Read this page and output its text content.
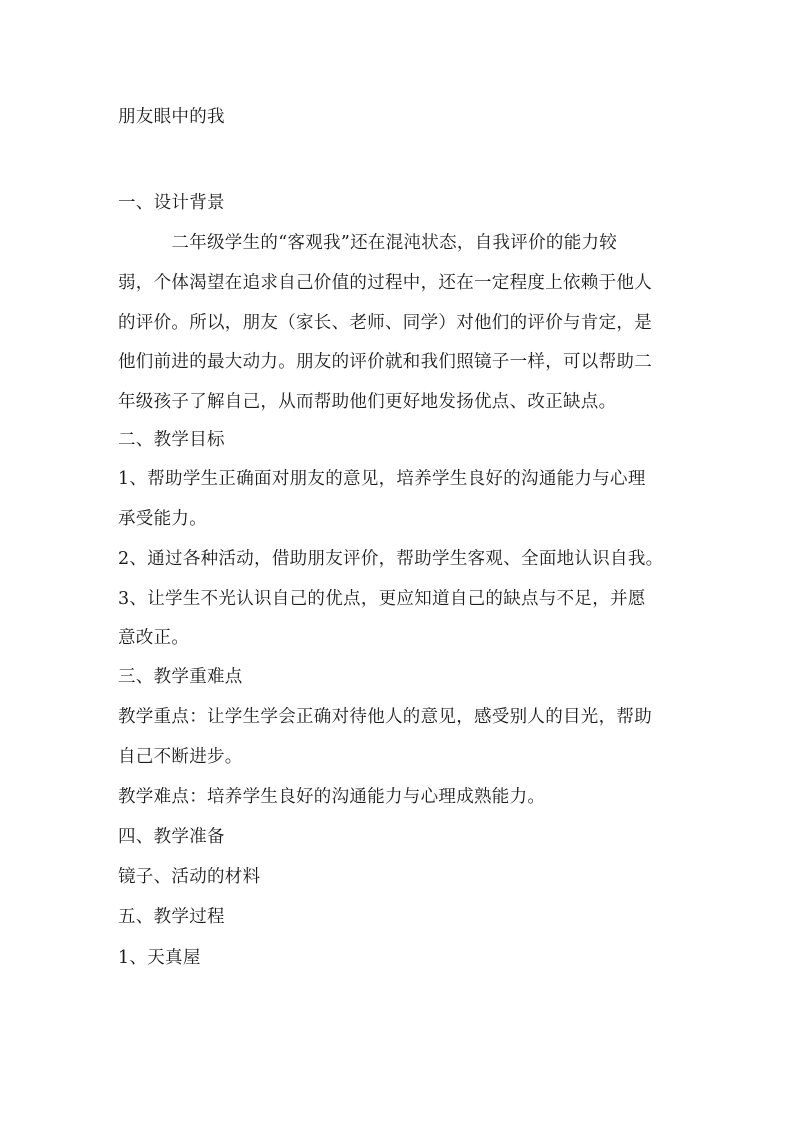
朋友眼中的我
一、设计背景
　　　二年级学生的“客观我”还在混沌状态，自我评价的能力较
弱，个体渴望在追求自己价值的过程中，还在一定程度上依赖于他人
的评价。所以，朋友（家长、老师、同学）对他们的评价与肯定，是
他们前进的最大动力。朋友的评价就和我们照镜子一样，可以帮助二
年级孩子了解自己，从而帮助他们更好地发扬优点、改正缺点。
二、教学目标
1、帮助学生正确面对朋友的意见，培养学生良好的沟通能力与心理
承受能力。
2、通过各种活动，借助朋友评价，帮助学生客观、全面地认识自我。
3、让学生不光认识自己的优点，更应知道自己的缺点与不足，并愿
意改正。
三、教学重难点
教学重点：让学生学会正确对待他人的意见，感受别人的目光，帮助
自己不断进步。
教学难点：培养学生良好的沟通能力与心理成熟能力。
四、教学准备
镜子、活动的材料
五、教学过程
1、天真屋
